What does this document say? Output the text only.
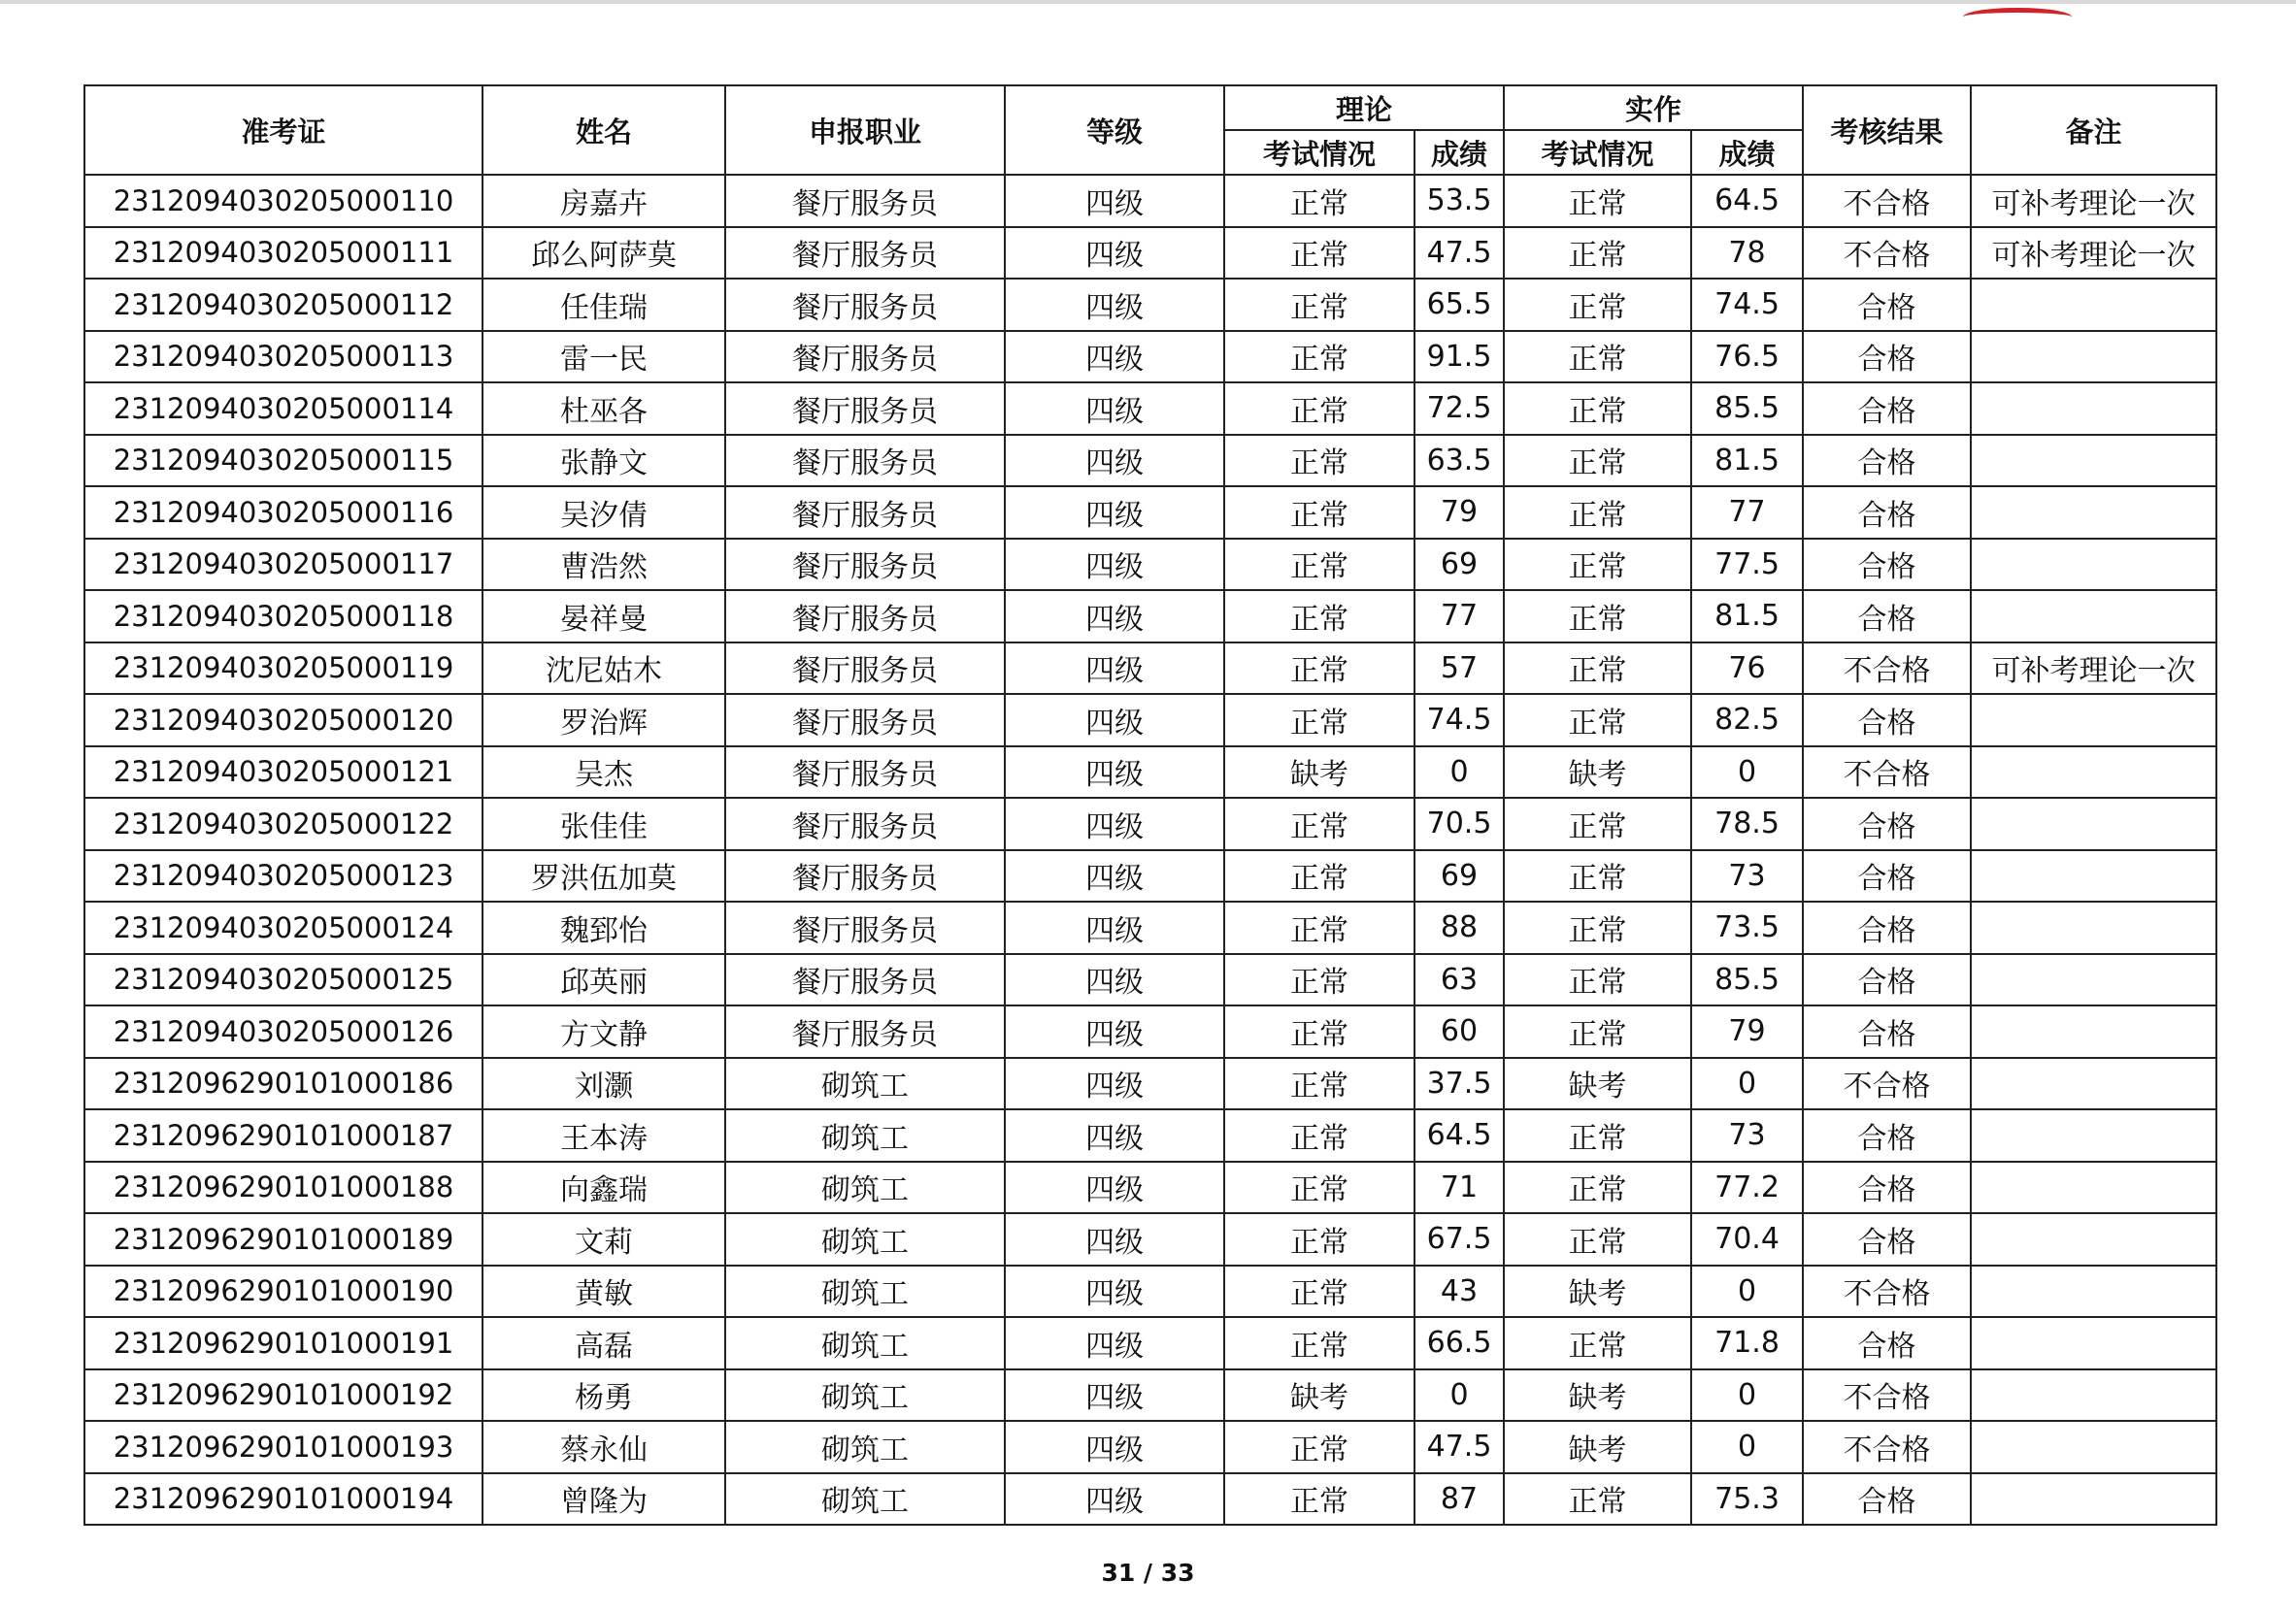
准考证	姓名	申报职业	等级	理论		实作		考核结果	备注
				考试情况	成绩	考试情况	成绩		
2312094030205000110	房嘉卉	餐厅服务员	四级	正常	53.5	正常	64.5	不合格	可补考理论一次
2312094030205000111	邱么阿萨莫	餐厅服务员	四级	正常	47.5	正常	78	不合格	可补考理论一次
2312094030205000112	任佳瑞	餐厅服务员	四级	正常	65.5	正常	74.5	合格	
2312094030205000113	雷一民	餐厅服务员	四级	正常	91.5	正常	76.5	合格	
2312094030205000114	杜巫各	餐厅服务员	四级	正常	72.5	正常	85.5	合格	
2312094030205000115	张静文	餐厅服务员	四级	正常	63.5	正常	81.5	合格	
2312094030205000116	吴汐倩	餐厅服务员	四级	正常	79	正常	77	合格	
2312094030205000117	曹浩然	餐厅服务员	四级	正常	69	正常	77.5	合格	
2312094030205000118	晏祥曼	餐厅服务员	四级	正常	77	正常	81.5	合格	
2312094030205000119	沈尼姑木	餐厅服务员	四级	正常	57	正常	76	不合格	可补考理论一次
2312094030205000120	罗治辉	餐厅服务员	四级	正常	74.5	正常	82.5	合格	
2312094030205000121	吴杰	餐厅服务员	四级	缺考	0	缺考	0	不合格	
2312094030205000122	张佳佳	餐厅服务员	四级	正常	70.5	正常	78.5	合格	
2312094030205000123	罗洪伍加莫	餐厅服务员	四级	正常	69	正常	73	合格	
2312094030205000124	魏郅怡	餐厅服务员	四级	正常	88	正常	73.5	合格	
2312094030205000125	邱英丽	餐厅服务员	四级	正常	63	正常	85.5	合格	
2312094030205000126	方文静	餐厅服务员	四级	正常	60	正常	79	合格	
2312096290101000186	刘灏	砌筑工	四级	正常	37.5	缺考	0	不合格	
2312096290101000187	王本涛	砌筑工	四级	正常	64.5	正常	73	合格	
2312096290101000188	向鑫瑞	砌筑工	四级	正常	71	正常	77.2	合格	
2312096290101000189	文莉	砌筑工	四级	正常	67.5	正常	70.4	合格	
2312096290101000190	黄敏	砌筑工	四级	正常	43	缺考	0	不合格	
2312096290101000191	高磊	砌筑工	四级	正常	66.5	正常	71.8	合格	
2312096290101000192	杨勇	砌筑工	四级	缺考	0	缺考	0	不合格	
2312096290101000193	蔡永仙	砌筑工	四级	正常	47.5	缺考	0	不合格	
2312096290101000194	曾隆为	砌筑工	四级	正常	87	正常	75.3	合格	
31 / 33
